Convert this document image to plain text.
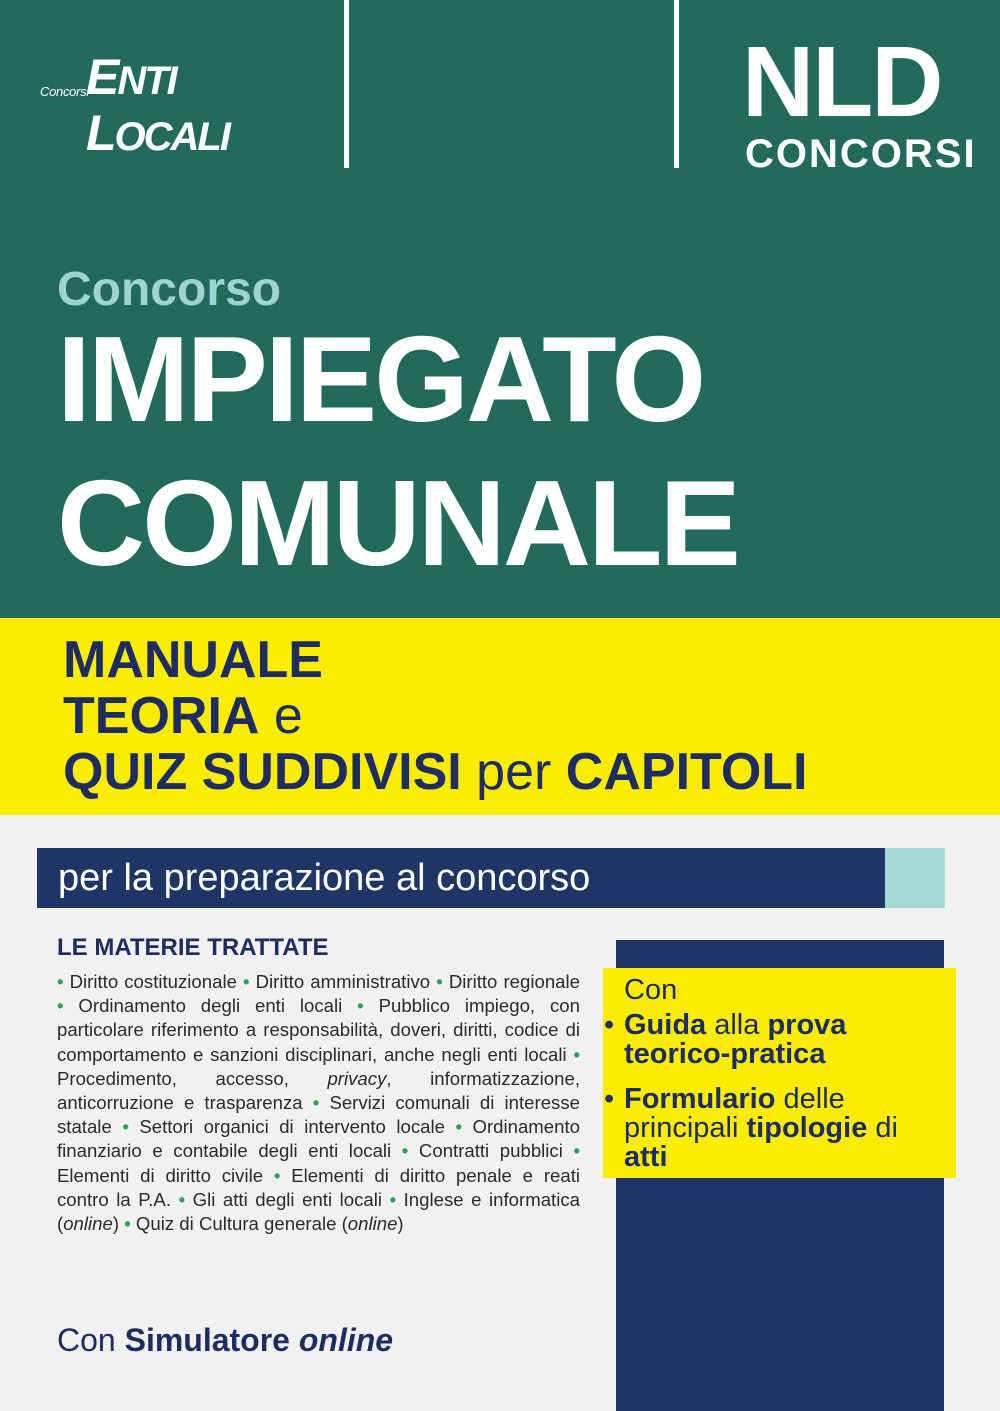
Concorsi
ENTI
LOCALI	NLD
CONCORSI
Concorso
IMPIEGATO
COMUNALE
MANUALE
TEORIA e
QUIZ SUDDIVISI per CAPITOLI
per la preparazione al concorso
LE MATERIE TRATTATE
• Diritto costituzionale • Diritto amministrativo • Diritto regionale • Ordinamento degli enti locali • Pubblico impiego, con particolare riferimento a responsabilità, doveri, diritti, codice di comportamento e sanzioni disciplinari, anche negli enti locali • Procedimento, accesso, privacy, informatizzazione, anticorruzione e trasparenza • Servizi comunali di interesse statale • Settori organici di intervento locale • Ordinamento finanziario e contabile degli enti locali • Contratti pubblici • Elementi di diritto civile • Elementi di diritto penale e reati contro la P.A. • Gli atti degli enti locali • Inglese e informatica (online) • Quiz di Cultura generale (online)
Con Simulatore online
Con
• Guida alla prova teorico-pratica
• Formulario delle principali tipologie di atti
